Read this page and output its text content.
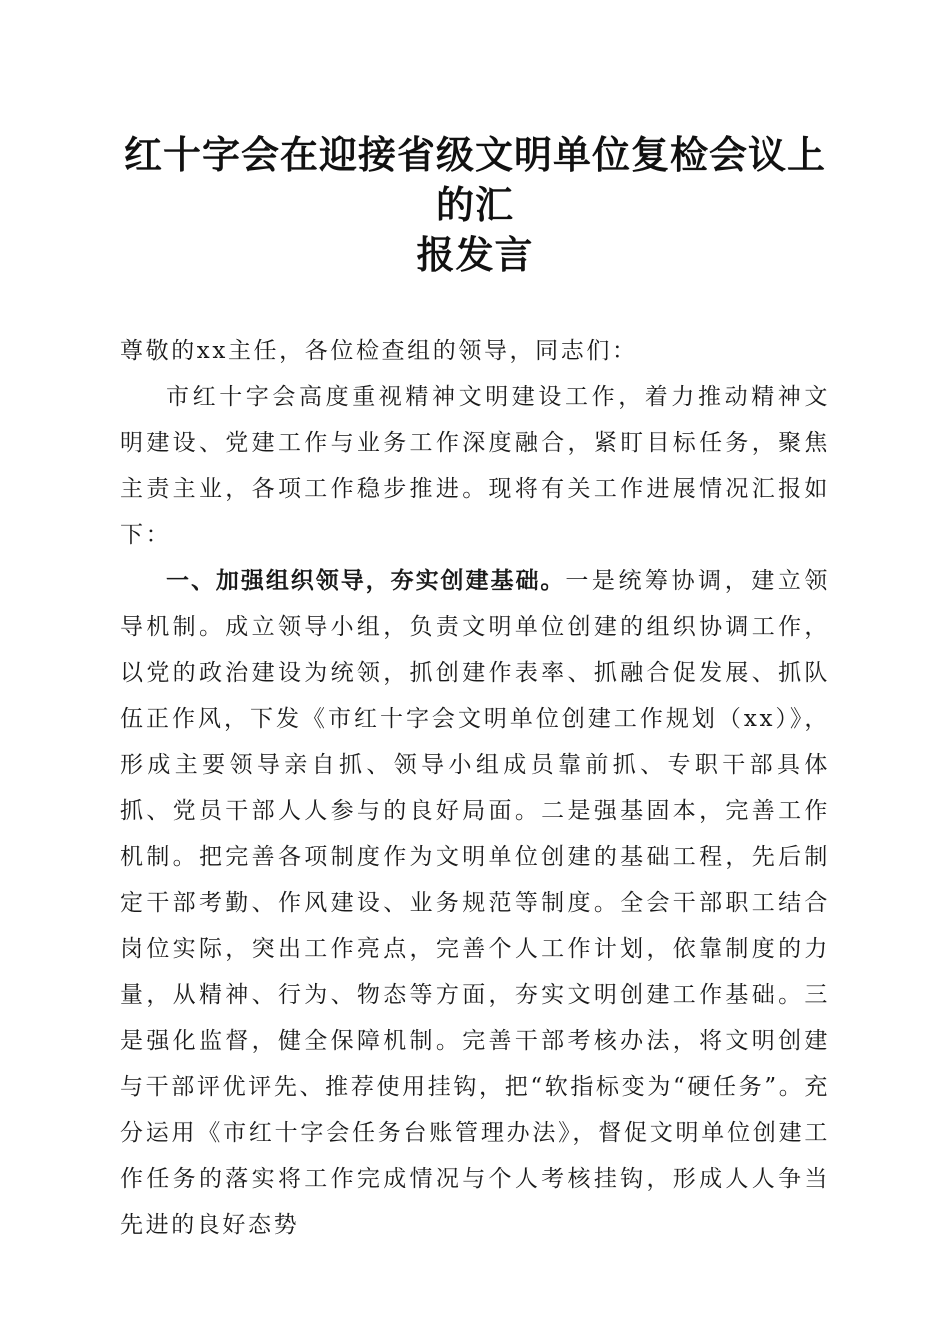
红十字会在迎接省级文明单位复检会议上的汇
报发言

尊敬的xx主任，各位检查组的领导，同志们：

市红十字会高度重视精神文明建设工作，着力推动精神文明建设、党建工作与业务工作深度融合，紧盯目标任务，聚焦主责主业，各项工作稳步推进。现将有关工作进展情况汇报如下：

一、加强组织领导，夯实创建基础。一是统筹协调，建立领导机制。成立领导小组，负责文明单位创建的组织协调工作，以党的政治建设为统领，抓创建作表率、抓融合促发展、抓队伍正作风，下发《市红十字会文明单位创建工作规划（xx）》，形成主要领导亲自抓、领导小组成员靠前抓、专职干部具体抓、党员干部人人参与的良好局面。二是强基固本，完善工作机制。把完善各项制度作为文明单位创建的基础工程，先后制定干部考勤、作风建设、业务规范等制度。全会干部职工结合岗位实际，突出工作亮点，完善个人工作计划，依靠制度的力量，从精神、行为、物态等方面，夯实文明创建工作基础。三是强化监督，健全保障机制。完善干部考核办法，将文明创建与干部评优评先、推荐使用挂钩，把“软指标变为“硬任务”。充分运用《市红十字会任务台账管理办法》，督促文明单位创建工作任务的落实将工作完成情况与个人考核挂钩，形成人人争当先进的良好态势
